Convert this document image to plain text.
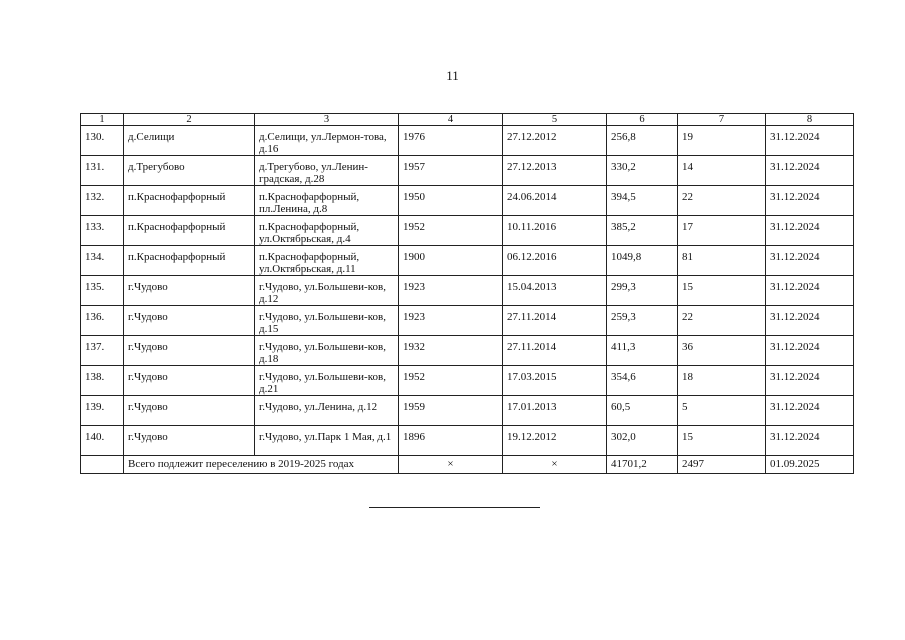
11
1	2	3	4	5	6	7	8
130.	д.Селищи	д.Селищи, ул.Лермон-това, д.16	1976	27.12.2012	256,8	19	31.12.2024
131.	д.Трегубово	д.Трегубово, ул.Ленин-градская, д.28	1957	27.12.2013	330,2	14	31.12.2024
132.	п.Краснофарфорный	п.Краснофарфорный, пл.Ленина, д.8	1950	24.06.2014	394,5	22	31.12.2024
133.	п.Краснофарфорный	п.Краснофарфорный, ул.Октябрьская, д.4	1952	10.11.2016	385,2	17	31.12.2024
134.	п.Краснофарфорный	п.Краснофарфорный, ул.Октябрьская, д.11	1900	06.12.2016	1049,8	81	31.12.2024
135.	г.Чудово	г.Чудово, ул.Большеви-ков, д.12	1923	15.04.2013	299,3	15	31.12.2024
136.	г.Чудово	г.Чудово, ул.Большеви-ков, д.15	1923	27.11.2014	259,3	22	31.12.2024
137.	г.Чудово	г.Чудово, ул.Большеви-ков, д.18	1932	27.11.2014	411,3	36	31.12.2024
138.	г.Чудово	г.Чудово, ул.Большеви-ков, д.21	1952	17.03.2015	354,6	18	31.12.2024
139.	г.Чудово	г.Чудово, ул.Ленина, д.12	1959	17.01.2013	60,5	5	31.12.2024
140.	г.Чудово	г.Чудово, ул.Парк 1 Мая, д.1	1896	19.12.2012	302,0	15	31.12.2024
	Всего подлежит переселению в 2019-2025 годах		×	×	41701,2	2497	01.09.2025
